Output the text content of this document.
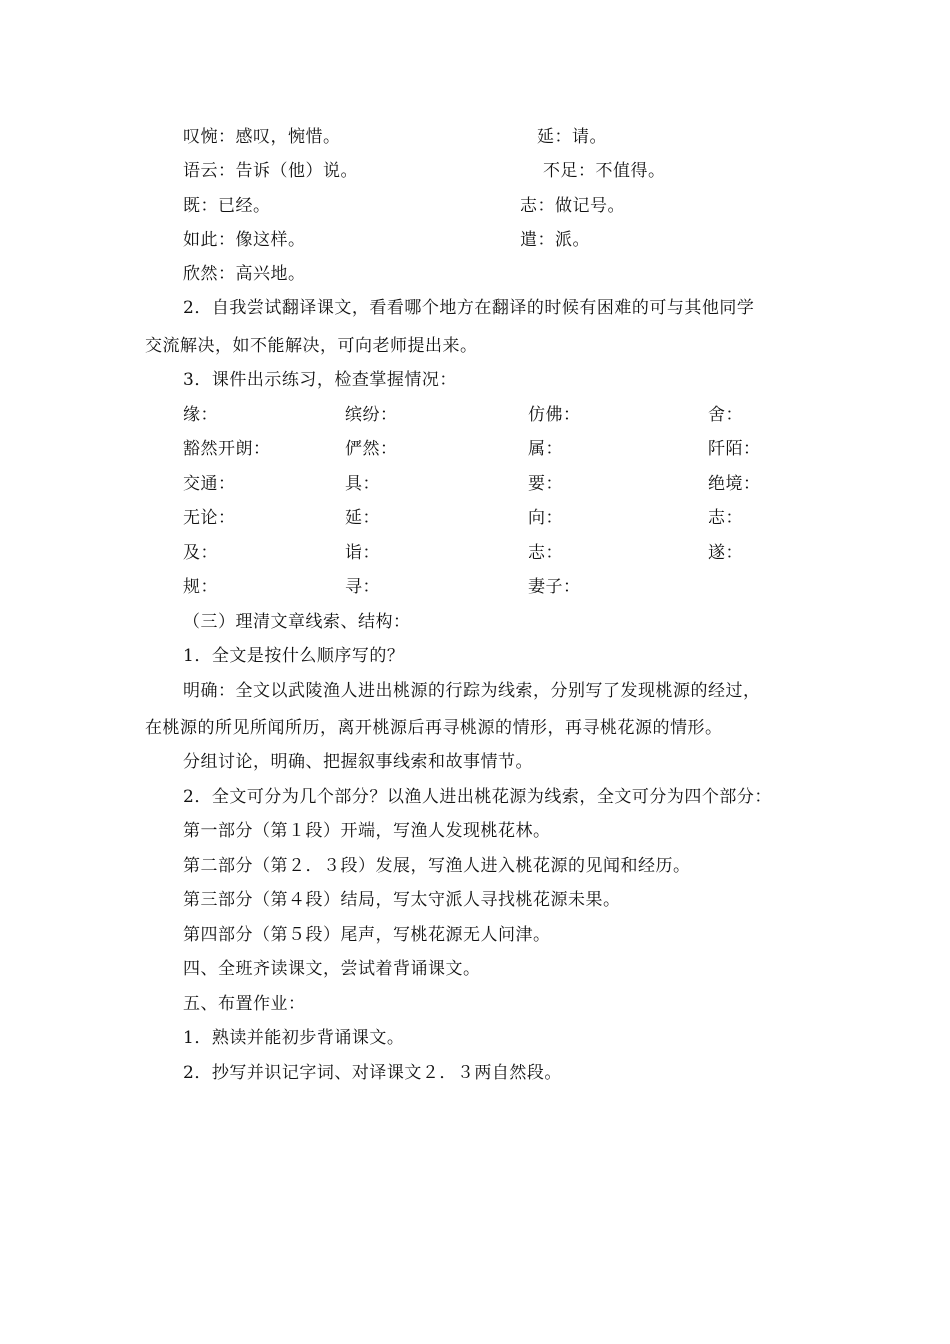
叹惋：感叹，惋惜。	延：请。
语云：告诉（他）说。	不足：不值得。
既：已经。	志：做记号。
如此：像这样。	遣：派。
欣然：高兴地。
2．自我尝试翻译课文，看看哪个地方在翻译的时候有困难的可与其他同学
交流解决，如不能解决，可向老师提出来。
3．课件出示练习，检查掌握情况：
缘：	缤纷：	仿佛：	舍：
豁然开朗：	俨然：	属：	阡陌：
交通：	具：	要：	绝境：
无论：	延：	向：	志：
及：	诣：	志：	遂：
规：	寻：	妻子：
（三）理清文章线索、结构：
1．全文是按什么顺序写的？
明确：全文以武陵渔人进出桃源的行踪为线索，分别写了发现桃源的经过，
在桃源的所见所闻所历，离开桃源后再寻桃源的情形，再寻桃花源的情形。
分组讨论，明确、把握叙事线索和故事情节。
2．全文可分为几个部分？以渔人进出桃花源为线索，全文可分为四个部分：
第一部分（第１段）开端，写渔人发现桃花林。
第二部分（第２．３段）发展，写渔人进入桃花源的见闻和经历。
第三部分（第４段）结局，写太守派人寻找桃花源未果。
第四部分（第５段）尾声，写桃花源无人问津。
四、全班齐读课文，尝试着背诵课文。
五、布置作业：
1．熟读并能初步背诵课文。
2．抄写并识记字词、对译课文２．３两自然段。
